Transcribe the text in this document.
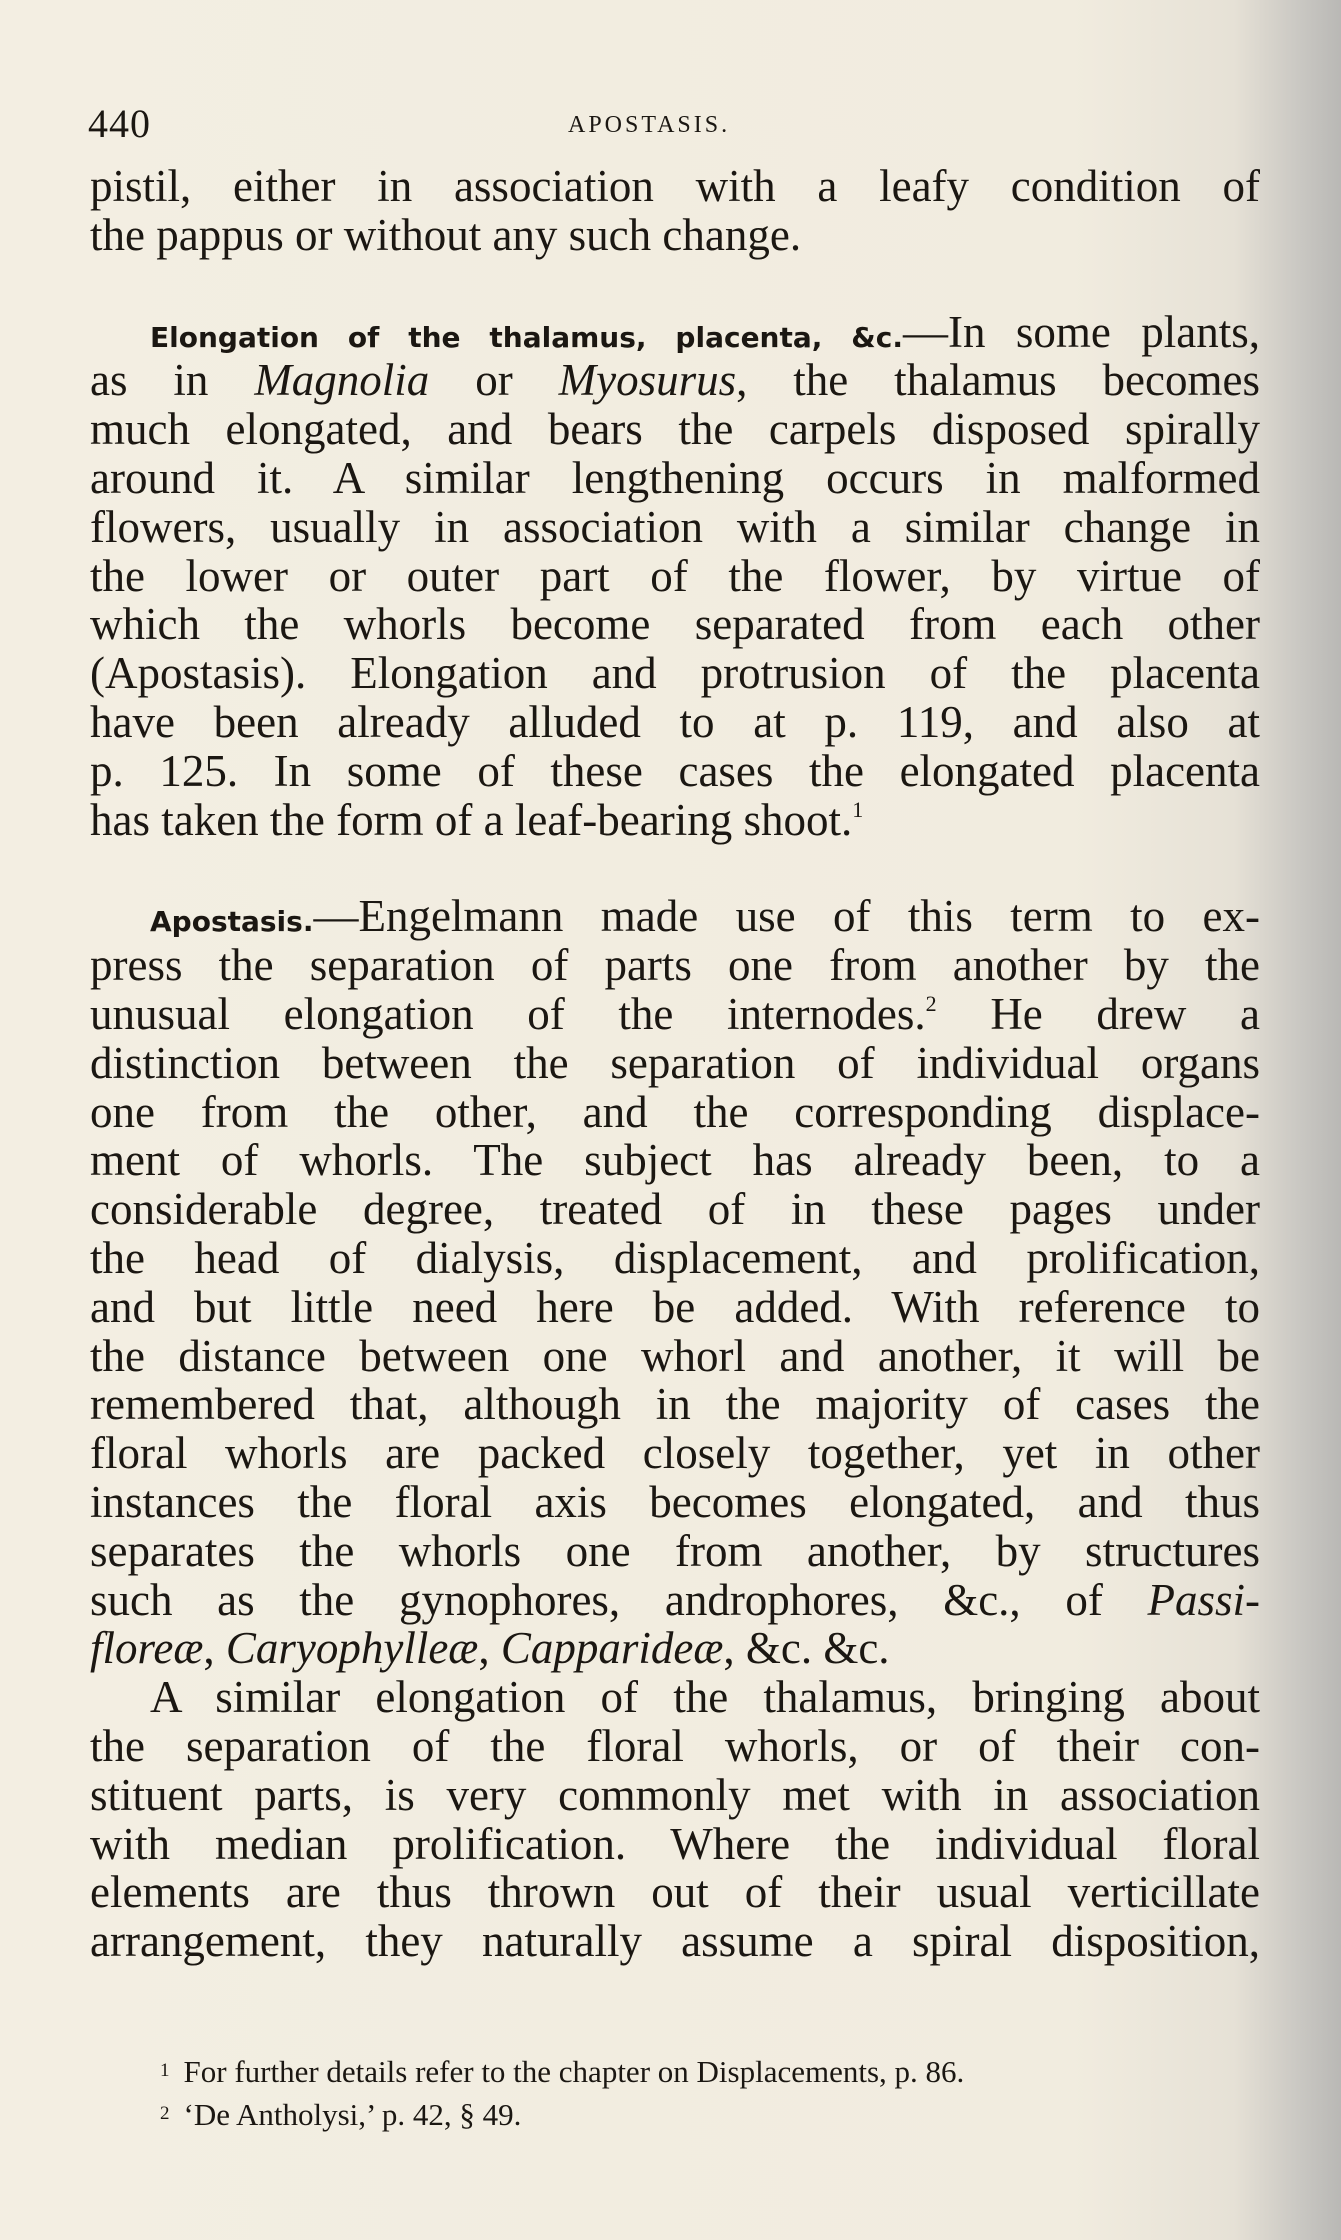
440	APOSTASIS.
pistil, either in association with a leafy condition of
the pappus or without any such change.
Elongation of the thalamus, placenta, &c.—In some plants,
as in Magnolia or Myosurus, the thalamus becomes
much elongated, and bears the carpels disposed spirally
around it. A similar lengthening occurs in malformed
flowers, usually in association with a similar change in
the lower or outer part of the flower, by virtue of
which the whorls become separated from each other
(Apostasis). Elongation and protrusion of the placenta
have been already alluded to at p. 119, and also at
p. 125. In some of these cases the elongated placenta
has taken the form of a leaf-bearing shoot.$^1$
Apostasis.—Engelmann made use of this term to ex-
press the separation of parts one from another by the
unusual elongation of the internodes.$^2$ He drew a
distinction between the separation of individual organs
one from the other, and the corresponding displace-
ment of whorls. The subject has already been, to a
considerable degree, treated of in these pages under
the head of dialysis, displacement, and prolification,
and but little need here be added. With reference to
the distance between one whorl and another, it will be
remembered that, although in the majority of cases the
floral whorls are packed closely together, yet in other
instances the floral axis becomes elongated, and thus
separates the whorls one from another, by structures
such as the gynophores, androphores, &c., of Passi-
floreæ, Caryophylleæ, Capparideæ, &c. &c.
A similar elongation of the thalamus, bringing about
the separation of the floral whorls, or of their con-
stituent parts, is very commonly met with in association
with median prolification. Where the individual floral
elements are thus thrown out of their usual verticillate
arrangement, they naturally assume a spiral disposition,
1 For further details refer to the chapter on Displacements, p. 86.
2 ‘De Antholysi,’ p. 42, § 49.
